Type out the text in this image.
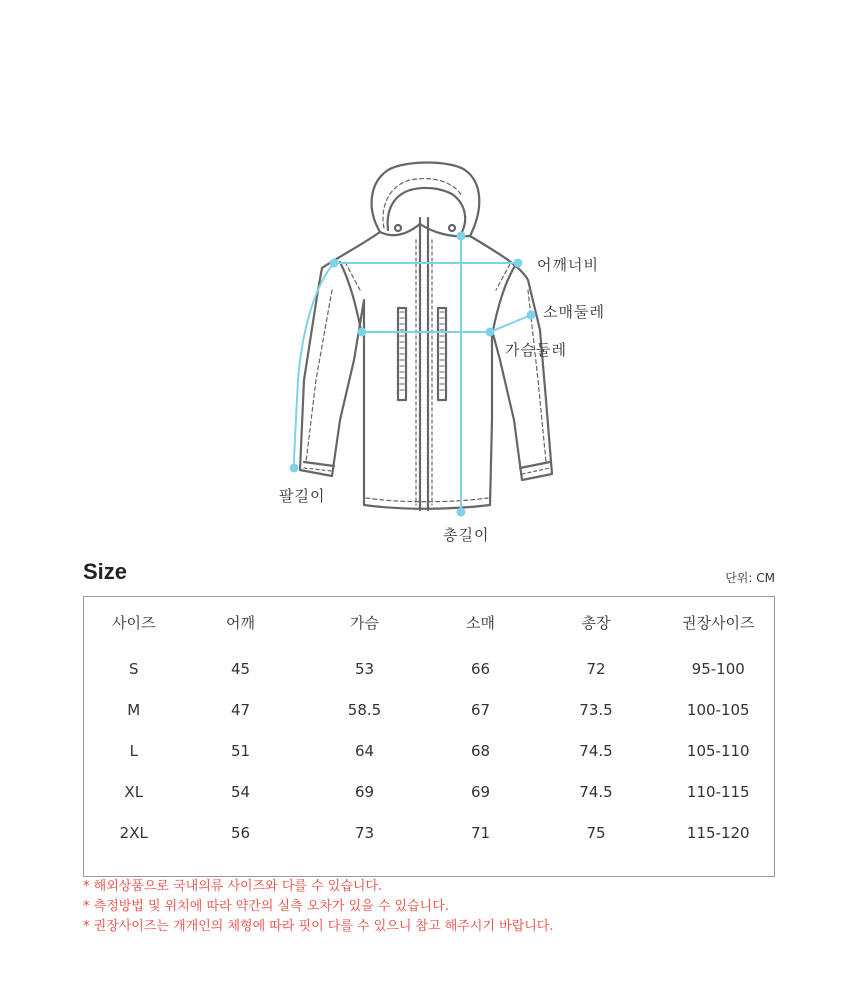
어깨너비
소매둘레
가슴둘레
팔길이
총길이
Size	단위: CM
사이즈	어깨	가슴	소매	총장	권장사이즈
S	45	53	66	72	95-100
M	47	58.5	67	73.5	100-105
L	51	64	68	74.5	105-110
XL	54	69	69	74.5	110-115
2XL	56	73	71	75	115-120

* 해외상품으로 국내의류 사이즈와 다를 수 있습니다.
* 측정방법 및 위치에 따라 약간의 실측 오차가 있을 수 있습니다.
* 권장사이즈는 개개인의 체형에 따라 핏이 다를 수 있으니 참고 해주시기 바랍니다.
